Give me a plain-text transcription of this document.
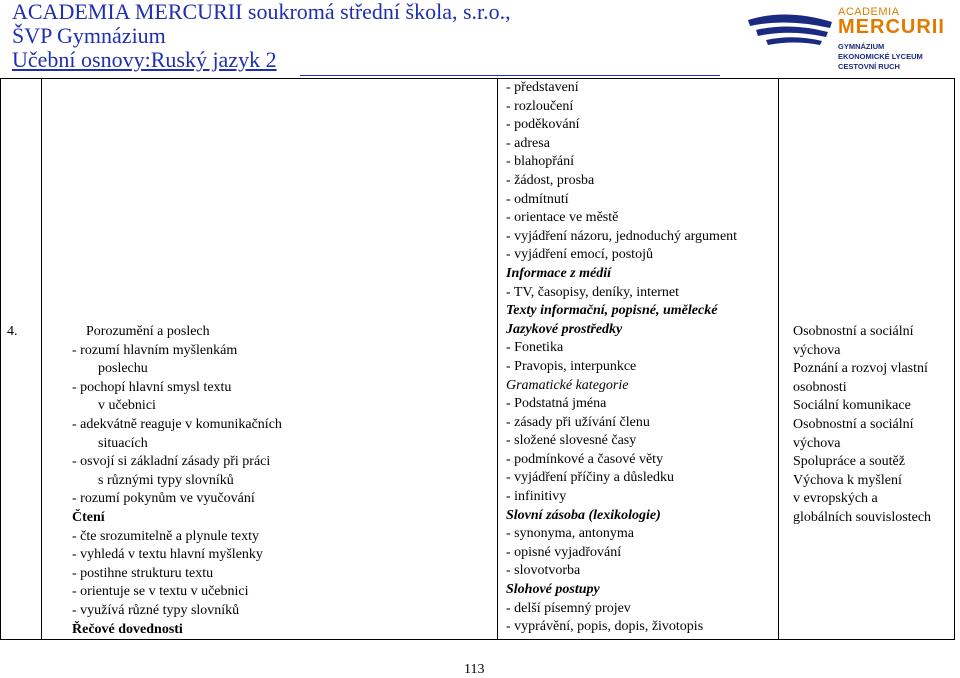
ACADEMIA MERCURII soukromá střední škola, s.r.o.,
ŠVP Gymnázium
Učební osnovy:Ruský jazyk 2
ACADEMIA
MERCURII
GYMNÁZIUM
EKONOMICKÉ LYCEUM
CESTOVNÍ RUCH
4.	Porozumění a poslech
- rozumí hlavním myšlenkám
poslechu
- pochopí hlavní smysl textu
v učebnici
- adekvátně reaguje v komunikačních
situacích
- osvojí si základní zásady při práci
s různými typy slovníků
- rozumí pokynům ve vyučování
Čtení
- čte srozumitelně a plynule texty
- vyhledá v textu hlavní myšlenky
- postihne strukturu textu
- orientuje se v textu v učebnici
- využívá různé typy slovníků
Řečové dovednosti

- představení
- rozloučení
- poděkování
- adresa
- blahopřání
- žádost, prosba
- odmítnutí
- orientace ve městě
- vyjádření názoru, jednoduchý argument
- vyjádření emocí, postojů
Informace z médií
- TV, časopisy, deníky, internet
Texty informační, popisné, umělecké
Jazykové prostředky
- Fonetika
- Pravopis, interpunkce
Gramatické kategorie
- Podstatná jména
- zásady při užívání členu
- složené slovesné časy
- podmínkové a časové věty
- vyjádření příčiny a důsledku
- infinitivy
Slovní zásoba (lexikologie)
- synonyma, antonyma
- opisné vyjadřování
- slovotvorba
Slohové postupy
- delší písemný projev
- vyprávění, popis, dopis, životopis

Osobnostní a sociální
výchova
Poznání a rozvoj vlastní
osobnosti
Sociální komunikace
Osobnostní a sociální
výchova
Spolupráce a soutěž
Výchova k myšlení
v evropských a
globálních souvislostech
113
